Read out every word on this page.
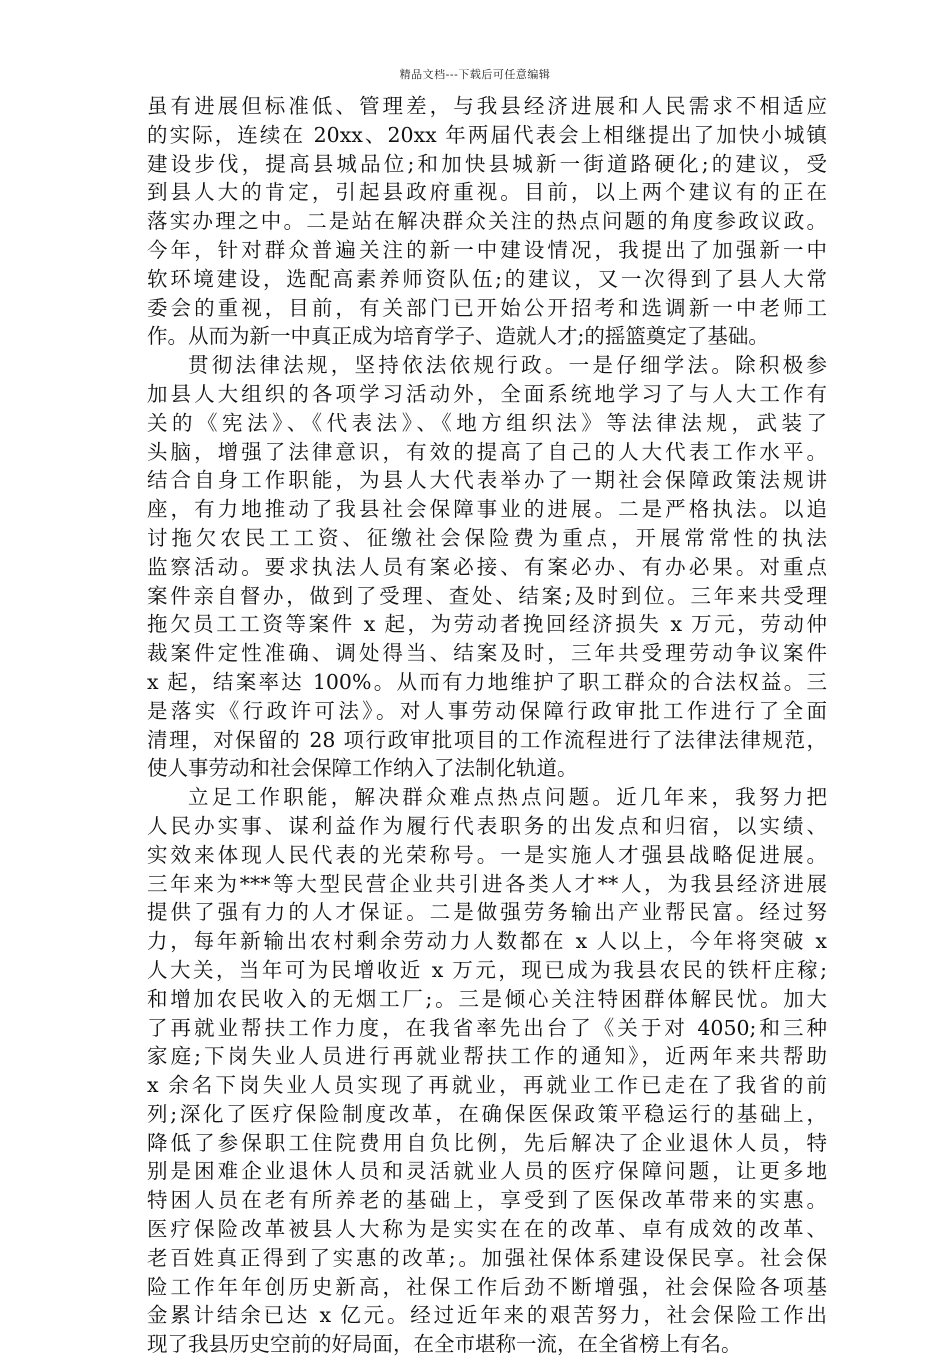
精品文档---下载后可任意编辑
虽有进展但标准低、管理差，与我县经济进展和人民需求不相适应
的实际，连续在 20xx、20xx 年两届代表会上相继提出了加快小城镇
建设步伐，提高县城品位;和加快县城新一街道路硬化;的建议，受
到县人大的肯定，引起县政府重视。目前，以上两个建议有的正在
落实办理之中。二是站在解决群众关注的热点问题的角度参政议政。
今年，针对群众普遍关注的新一中建设情况，我提出了加强新一中
软环境建设，选配高素养师资队伍;的建议，又一次得到了县人大常
委会的重视，目前，有关部门已开始公开招考和选调新一中老师工
作。从而为新一中真正成为培育学子、造就人才;的摇篮奠定了基础。
贯彻法律法规，坚持依法依规行政。一是仔细学法。除积极参
加县人大组织的各项学习活动外，全面系统地学习了与人大工作有
关的《宪法》、《代表法》、《地方组织法》等法律法规，武装了
头脑，增强了法律意识，有效的提高了自己的人大代表工作水平。
结合自身工作职能，为县人大代表举办了一期社会保障政策法规讲
座，有力地推动了我县社会保障事业的进展。二是严格执法。以追
讨拖欠农民工工资、征缴社会保险费为重点，开展常常性的执法
监察活动。要求执法人员有案必接、有案必办、有办必果。对重点
案件亲自督办，做到了受理、查处、结案;及时到位。三年来共受理
拖欠员工工资等案件 x 起，为劳动者挽回经济损失 x 万元，劳动仲
裁案件定性准确、调处得当、结案及时，三年共受理劳动争议案件
x 起，结案率达 100%。从而有力地维护了职工群众的合法权益。三
是落实《行政许可法》。对人事劳动保障行政审批工作进行了全面
清理，对保留的 28 项行政审批项目的工作流程进行了法律法律规范，
使人事劳动和社会保障工作纳入了法制化轨道。
立足工作职能，解决群众难点热点问题。近几年来，我努力把
人民办实事、谋利益作为履行代表职务的出发点和归宿，以实绩、
实效来体现人民代表的光荣称号。一是实施人才强县战略促进展。
三年来为***等大型民营企业共引进各类人才**人，为我县经济进展
提供了强有力的人才保证。二是做强劳务输出产业帮民富。经过努
力，每年新输出农村剩余劳动力人数都在 x 人以上，今年将突破 x
人大关，当年可为民增收近 x 万元，现已成为我县农民的铁杆庄稼;
和增加农民收入的无烟工厂;。三是倾心关注特困群体解民忧。加大
了再就业帮扶工作力度，在我省率先出台了《关于对 4050;和三种
家庭;下岗失业人员进行再就业帮扶工作的通知》，近两年来共帮助
x 余名下岗失业人员实现了再就业，再就业工作已走在了我省的前
列;深化了医疗保险制度改革，在确保医保政策平稳运行的基础上，
降低了参保职工住院费用自负比例，先后解决了企业退休人员，特
别是困难企业退休人员和灵活就业人员的医疗保障问题，让更多地
特困人员在老有所养老的基础上，享受到了医保改革带来的实惠。
医疗保险改革被县人大称为是实实在在的改革、卓有成效的改革、
老百姓真正得到了实惠的改革;。加强社保体系建设保民享。社会保
险工作年年创历史新高，社保工作后劲不断增强，社会保险各项基
金累计结余已达 x 亿元。经过近年来的艰苦努力，社会保险工作出
现了我县历史空前的好局面，在全市堪称一流，在全省榜上有名。
